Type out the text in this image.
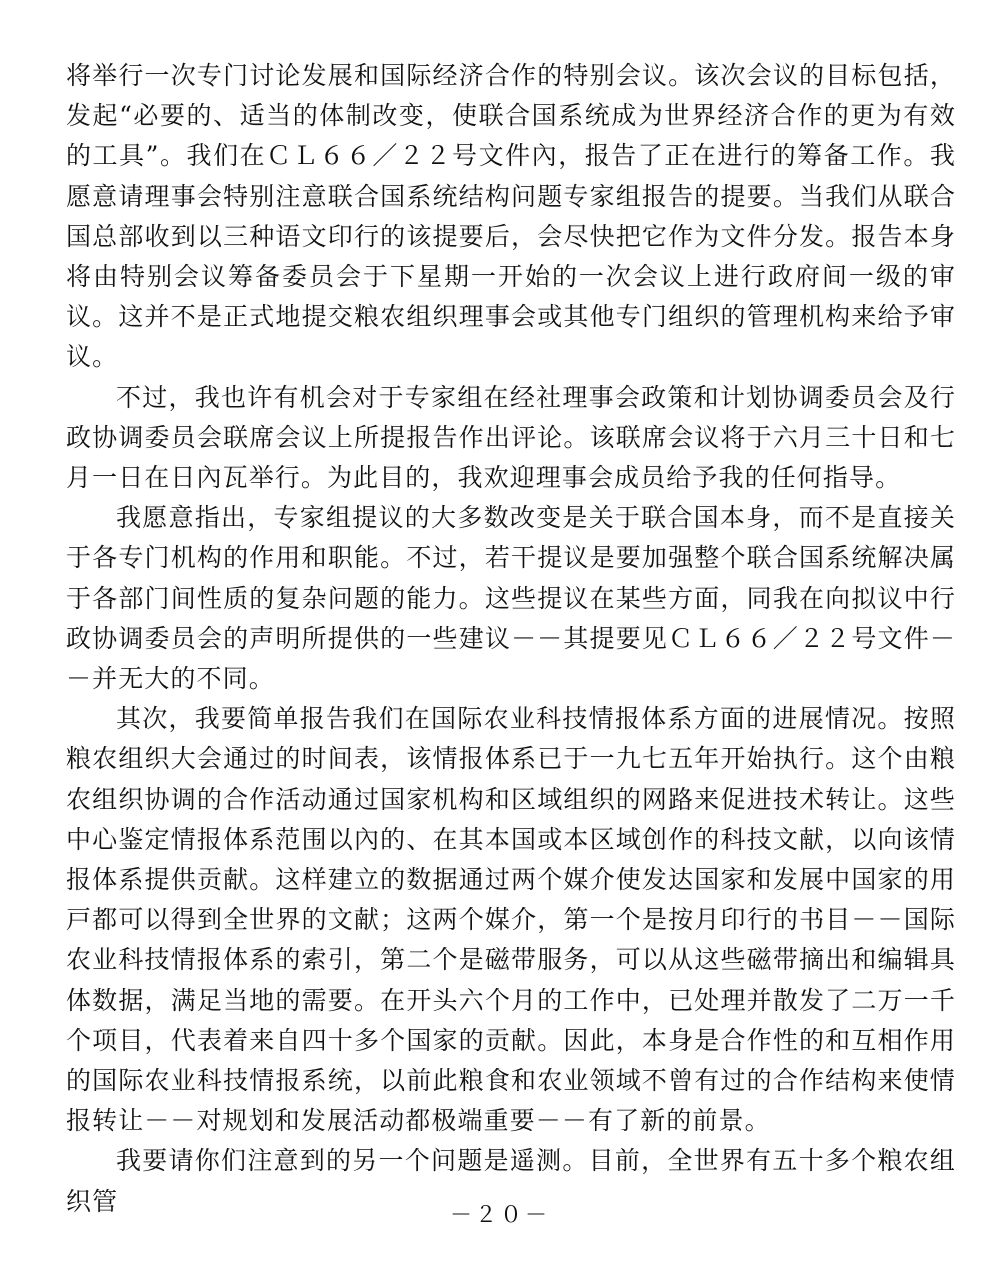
将举行一次专门讨论发展和国际经济合作的特别会议。该次会议的目标包括，发起“必要的、适当的体制改变，使联合国系统成为世界经济合作的更为有效的工具”。我们在ＣＬ６６／２２号文件內，报告了正在进行的筹备工作。我愿意请理事会特别注意联合国系统结构问题专家组报告的提要。当我们从联合国总部收到以三种语文印行的该提要后，会尽快把它作为文件分发。报告本身将由特别会议筹备委员会于下星期一开始的一次会议上进行政府间一级的审议。这并不是正式地提交粮农组织理事会或其他专门组织的管理机构来给予审议。

不过，我也许有机会对于专家组在经社理事会政策和计划协调委员会及行政协调委员会联席会议上所提报告作出评论。该联席会议将于六月三十日和七月一日在日內瓦举行。为此目的，我欢迎理事会成员给予我的任何指导。

我愿意指出，专家组提议的大多数改变是关于联合国本身，而不是直接关于各专门机构的作用和职能。不过，若干提议是要加强整个联合国系统解决属于各部门间性质的复杂问题的能力。这些提议在某些方面，同我在向拟议中行政协调委员会的声明所提供的一些建议－－其提要见ＣＬ６６／２２号文件－－并无大的不同。

其次，我要简单报告我们在国际农业科技情报体系方面的进展情况。按照粮农组织大会通过的时间表，该情报体系已于一九七五年开始执行。这个由粮农组织协调的合作活动通过国家机构和区域组织的网路来促进技术转让。这些中心鉴定情报体系范围以內的、在其本国或本区域创作的科技文献，以向该情报体系提供贡献。这样建立的数据通过两个媒介使发达国家和发展中国家的用戸都可以得到全世界的文献；这两个媒介，第一个是按月印行的书目－－国际农业科技情报体系的索引，第二个是磁带服务，可以从这些磁带摘出和编辑具体数据，满足当地的需要。在开头六个月的工作中，已处理并散发了二万一千个项目，代表着来自四十多个国家的贡献。因此，本身是合作性的和互相作用的国际农业科技情报系统，以前此粮食和农业领域不曾有过的合作结构来使情报转让－－对规划和发展活动都极端重要－－有了新的前景。

我要请你们注意到的另一个问题是遥测。目前，全世界有五十多个粮农组织管	－２０－
